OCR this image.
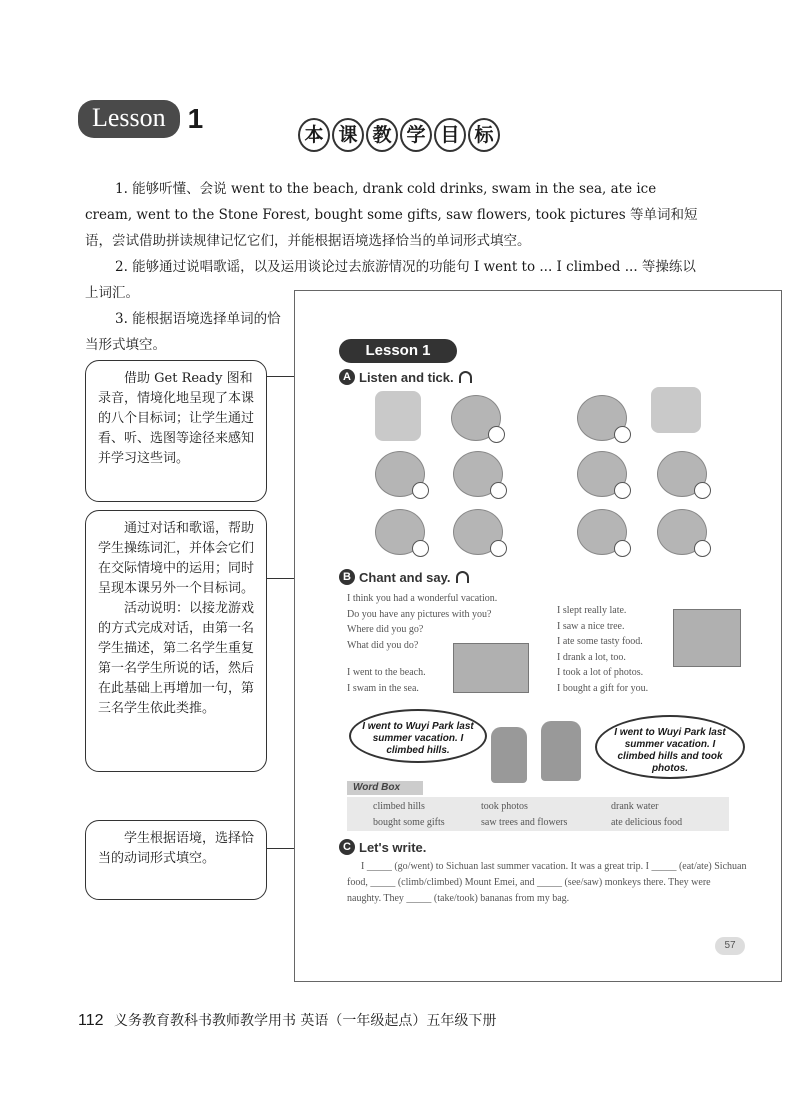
Lesson 1
本 课 教 学 目 标

1. 能够听懂、会说 went to the beach, drank cold drinks, swam in the sea, ate ice cream, went to the Stone Forest, bought some gifts, saw flowers, took pictures 等单词和短语，尝试借助拼读规律记忆它们，并能根据语境选择恰当的单词形式填空。

2. 能够通过说唱歌谣，以及运用谈论过去旅游情况的功能句 I went to ... I climbed ... 等操练以上词汇。

3. 能根据语境选择单词的恰当形式填空。

借助 Get Ready 图和录音，情境化地呈现了本课的八个目标词；让学生通过看、听、选图等途径来感知并学习这些词。

通过对话和歌谣，帮助学生操练词汇，并体会它们在交际情境中的运用；同时呈现本课另外一个目标词。

活动说明：以接龙游戏的方式完成对话，由第一名学生描述，第二名学生重复第一名学生所说的话，然后在此基础上再增加一句，第三名学生依此类推。

学生根据语境，选择恰当的动词形式填空。

Lesson 1
A Listen and tick.
B Chant and say.
I think you had a wonderful vacation.
Do you have any pictures with you?
Where did you go?
What did you do?
I went to the beach.
I swam in the sea.
I slept really late.
I saw a nice tree.
I ate some tasty food.
I drank a lot, too.
I took a lot of photos.
I bought a gift for you.
I went to Wuyi Park last summer vacation. I climbed hills.
I went to Wuyi Park last summer vacation. I climbed hills and took photos.
Word Box
climbed hills	took photos	drank water
bought some gifts	saw trees and flowers	ate delicious food
C Let's write.

I _____ (go/went) to Sichuan last summer vacation. It was a great trip. I _____ (eat/ate) Sichuan food, _____ (climb/climbed) Mount Emei, and _____ (see/saw) monkeys there. They were naughty. They _____ (take/took) bananas from my bag.

57
112 义务教育教科书教师教学用书 英语（一年级起点）五年级下册
